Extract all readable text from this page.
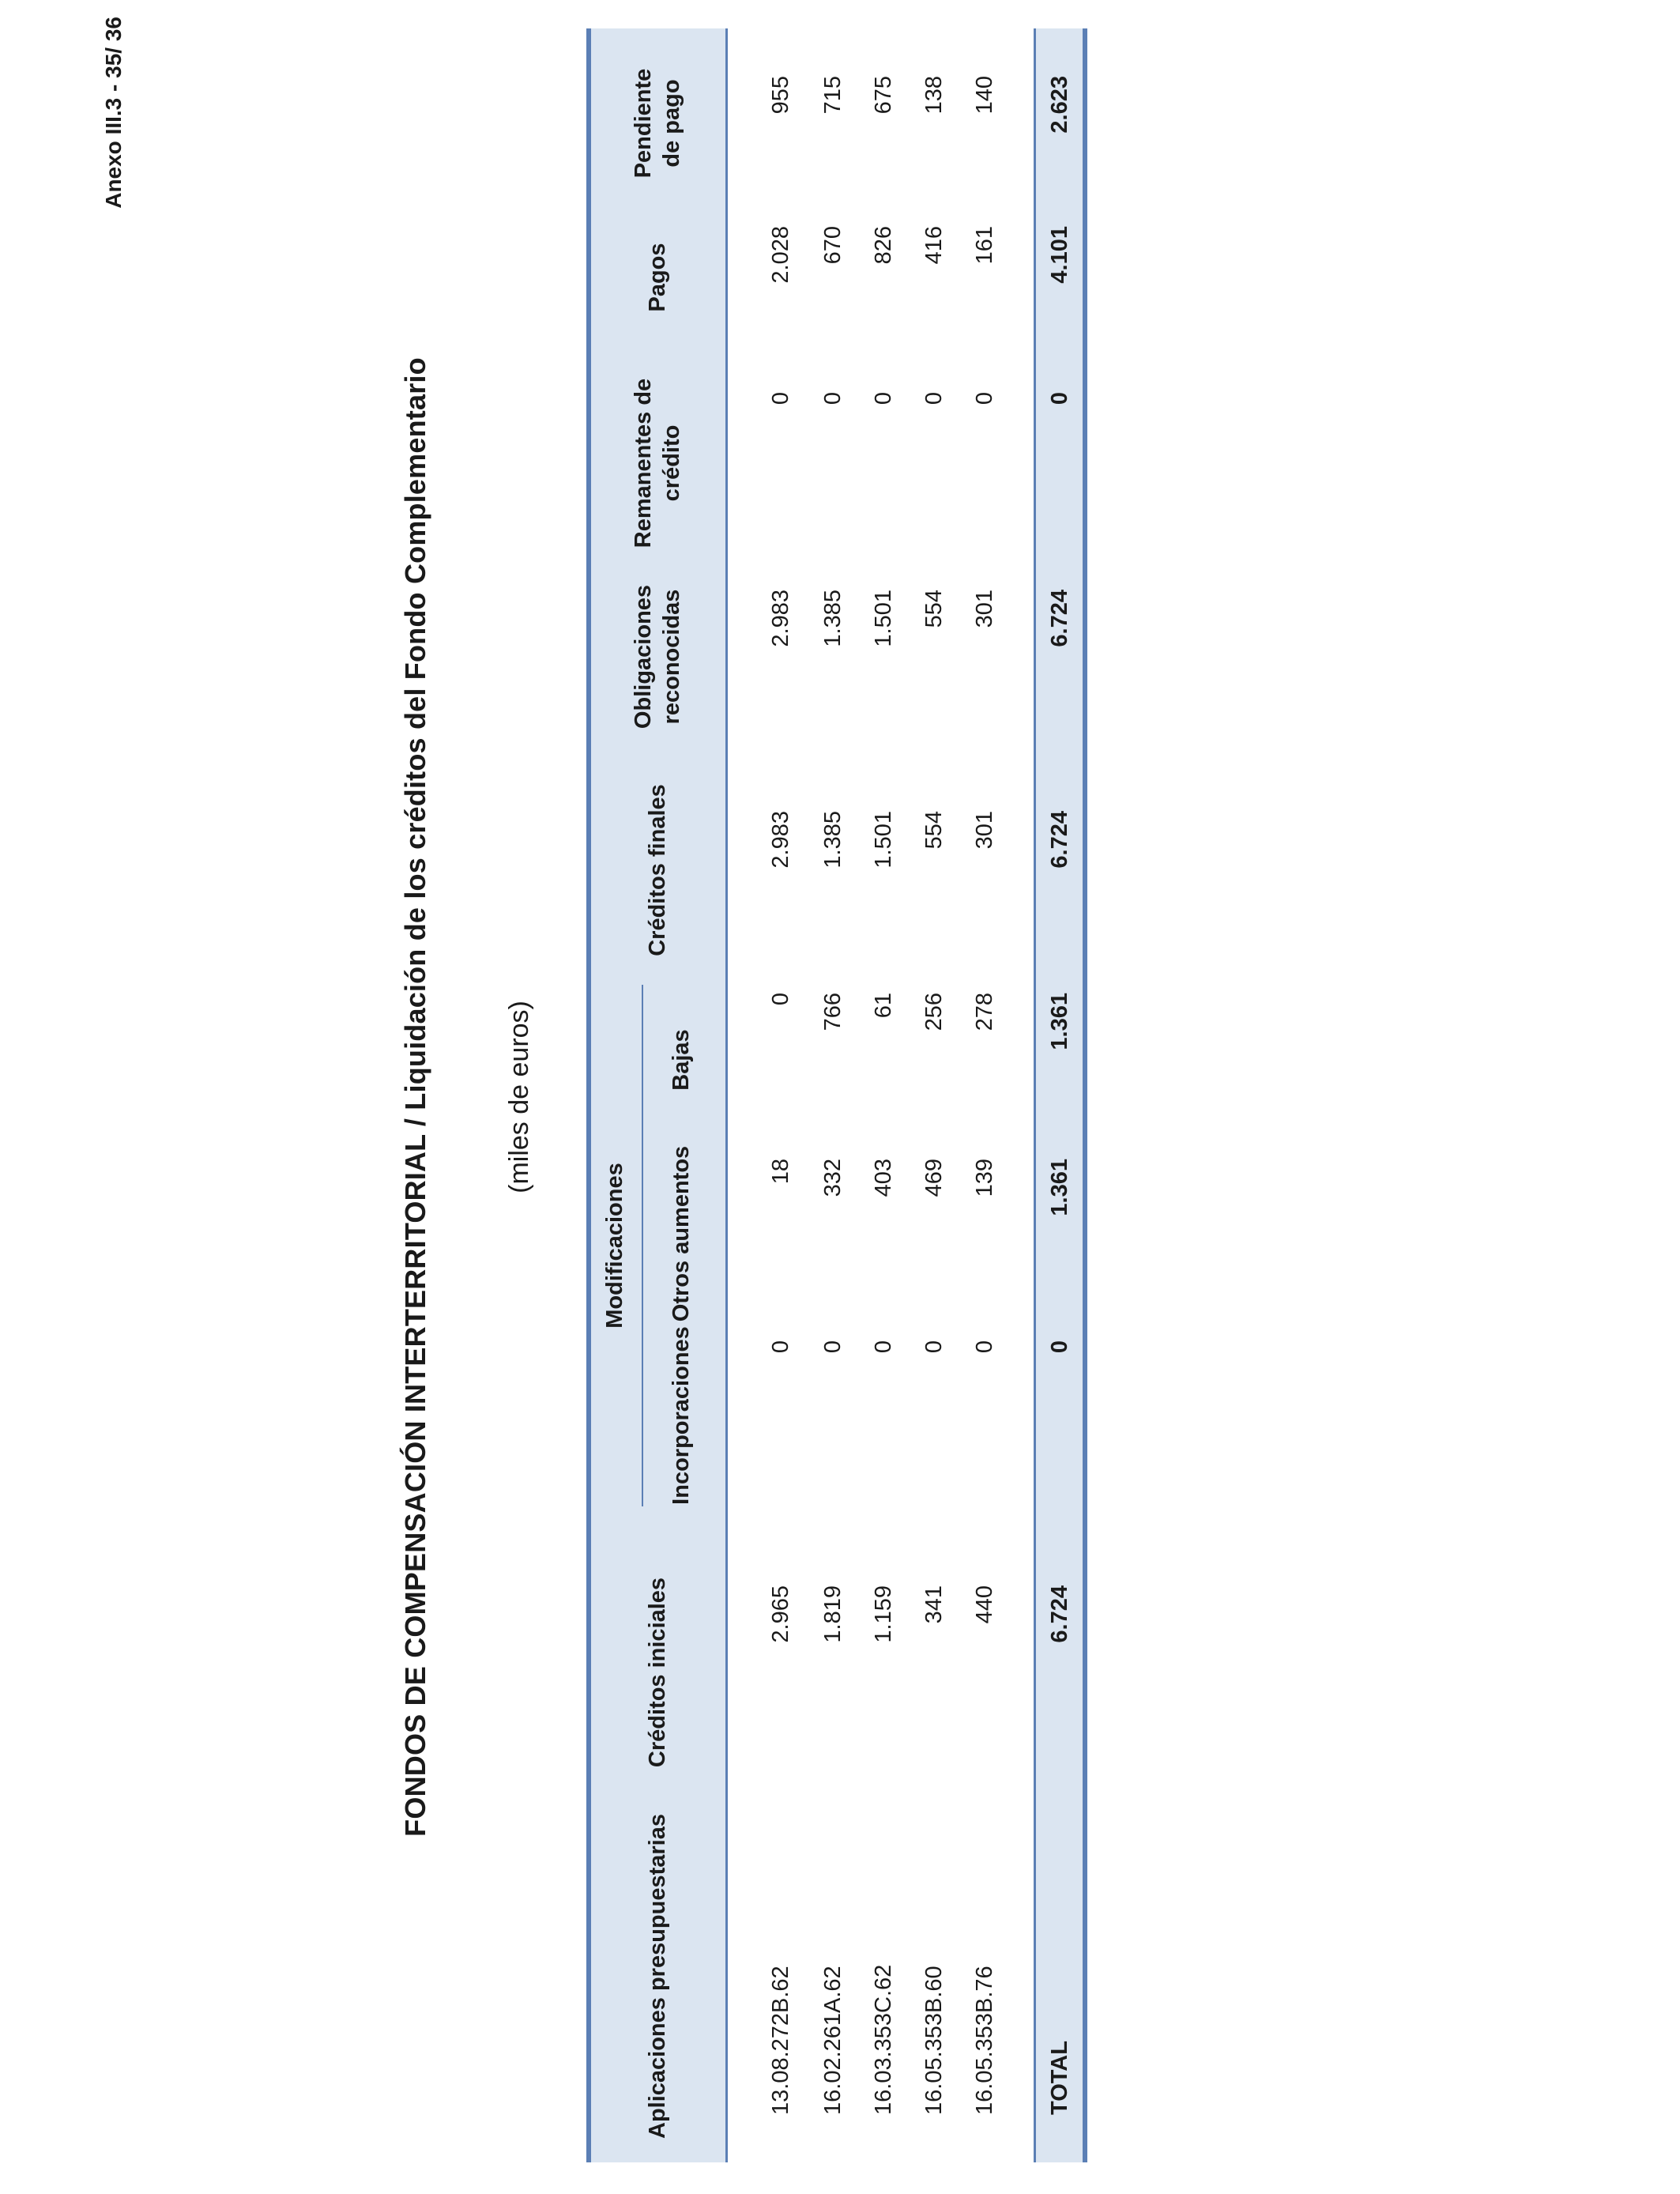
Anexo III.3 - 35/ 36
FONDOS DE COMPENSACIÓN INTERTERRITORIAL / Liquidación de los créditos del Fondo Complementario	(miles de euros)
Aplicaciones presupuestarias
Créditos iniciales
Modificaciones
Incorporaciones
Otros aumentos
Bajas
Créditos finales
Obligaciones reconocidas
Remanentes de crédito
Pagos
Pendiente de pago
13.08.272B.62
2.965
0
18
0
2.983
2.983
0
2.028
955
16.02.261A.62
1.819
0
332
766
1.385
1.385
0
670
715
16.03.353C.62
1.159
0
403
61
1.501
1.501
0
826
675
16.05.353B.60
341
0
469
256
554
554
0
416
138
16.05.353B.76
440
0
139
278
301
301
0
161
140
TOTAL
6.724
0
1.361
1.361
6.724
6.724
0
4.101
2.623
